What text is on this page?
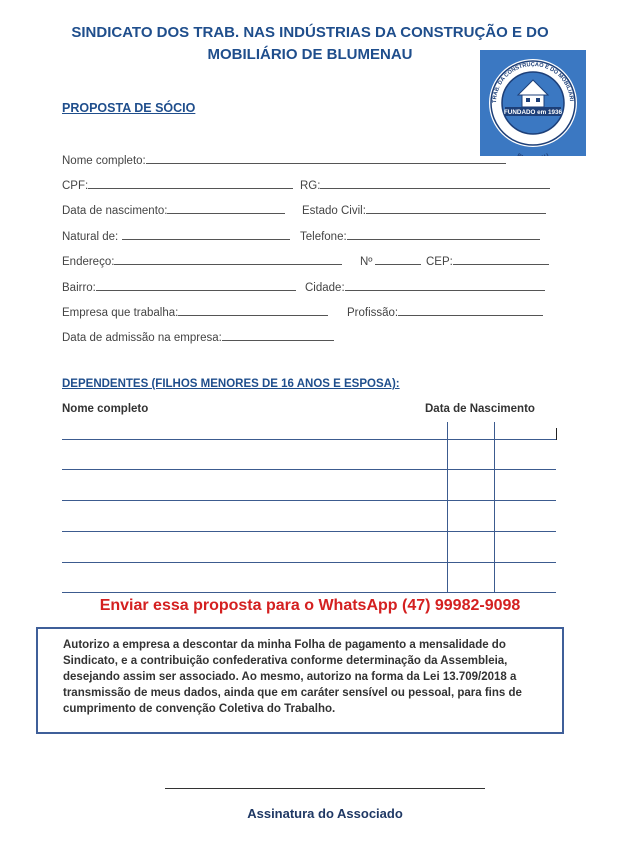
SINDICATO DOS TRAB. NAS INDÚSTRIAS DA CONSTRUÇÃO E DO
MOBILIÁRIO DE BLUMENAU
TRAB. DA CONSTRUÇÃO E DO MOBILIÁRI
FUNDADO em 1936
PROPOSTA DE SÓCIO
Nome completo:
CPF:	RG:
Data de nascimento:	Estado Civil:
Natural de:	Telefone:
Endereço:	Nº	CEP:
Bairro:	Cidade:
Empresa que trabalha:	Profissão:
Data de admissão na empresa:
DEPENDENTES (FILHOS MENORES DE 16 ANOS E ESPOSA):
Nome completo	Data de Nascimento
Enviar essa proposta para o WhatsApp (47) 99982-9098
Autorizo a empresa a descontar da minha Folha de pagamento a mensalidade do Sindicato, e a contribuição confederativa conforme determinação da Assembleia, desejando assim ser associado. Ao mesmo, autorizo na forma da Lei 13.709/2018 a transmissão de meus dados, ainda que em caráter sensível ou pessoal, para fins de cumprimento de convenção Coletiva do Trabalho.
Assinatura do Associado
